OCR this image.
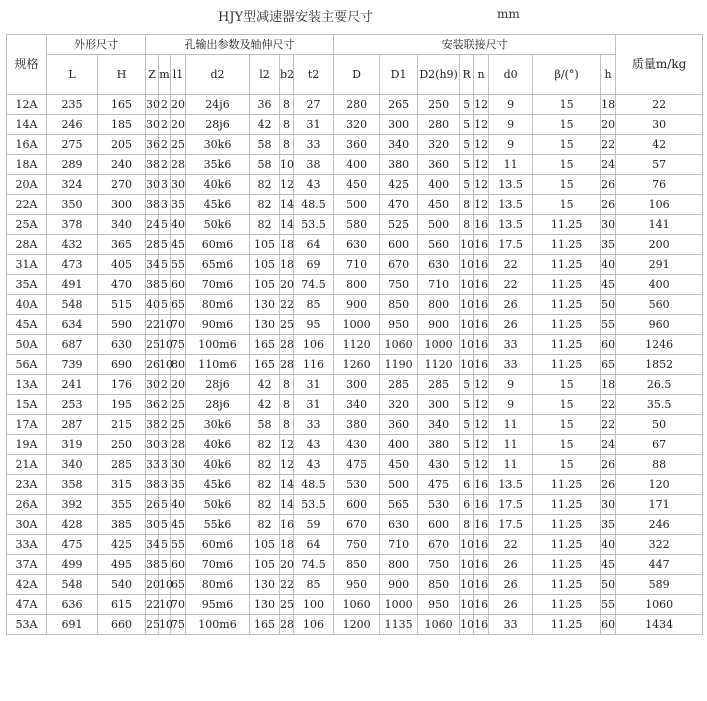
HJY型减速器安装主要尺寸	mm
规格	外形尺寸		孔输出参数及轴伸尺寸							安装联接尺寸								质量m/kg
	L	H	Z	m	l1	d2	l2	b2	t2	D	D1	D2(h9)	R	n	d0	β/(°)	h	
12A	235	165	30	2	20	24j6	36	8	27	280	265	250	5	12	9	15	18	22
14A	246	185	30	2	20	28j6	42	8	31	320	300	280	5	12	9	15	20	30
16A	275	205	36	2	25	30k6	58	8	33	360	340	320	5	12	9	15	22	42
18A	289	240	38	2	28	35k6	58	10	38	400	380	360	5	12	11	15	24	57
20A	324	270	30	3	30	40k6	82	12	43	450	425	400	5	12	13.5	15	26	76
22A	350	300	38	3	35	45k6	82	14	48.5	500	470	450	8	12	13.5	15	26	106
25A	378	340	24	5	40	50k6	82	14	53.5	580	525	500	8	16	13.5	11.25	30	141
28A	432	365	28	5	45	60m6	105	18	64	630	600	560	10	16	17.5	11.25	35	200
31A	473	405	34	5	55	65m6	105	18	69	710	670	630	10	16	22	11.25	40	291
35A	491	470	38	5	60	70m6	105	20	74.5	800	750	710	10	16	22	11.25	45	400
40A	548	515	40	5	65	80m6	130	22	85	900	850	800	10	16	26	11.25	50	560
45A	634	590	22	10	70	90m6	130	25	95	1000	950	900	10	16	26	11.25	55	960
50A	687	630	25	10	75	100m6	165	28	106	1120	1060	1000	10	16	33	11.25	60	1246
56A	739	690	26	10	80	110m6	165	28	116	1260	1190	1120	10	16	33	11.25	65	1852
13A	241	176	30	2	20	28j6	42	8	31	300	285	285	5	12	9	15	18	26.5
15A	253	195	36	2	25	28j6	42	8	31	340	320	300	5	12	9	15	22	35.5
17A	287	215	38	2	25	30k6	58	8	33	380	360	340	5	12	11	15	22	50
19A	319	250	30	3	28	40k6	82	12	43	430	400	380	5	12	11	15	24	67
21A	340	285	33	3	30	40k6	82	12	43	475	450	430	5	12	11	15	26	88
23A	358	315	38	3	35	45k6	82	14	48.5	530	500	475	6	16	13.5	11.25	26	120
26A	392	355	26	5	40	50k6	82	14	53.5	600	565	530	6	16	17.5	11.25	30	171
30A	428	385	30	5	45	55k6	82	16	59	670	630	600	8	16	17.5	11.25	35	246
33A	475	425	34	5	55	60m6	105	18	64	750	710	670	10	16	22	11.25	40	322
37A	499	495	38	5	60	70m6	105	20	74.5	850	800	750	10	16	26	11.25	45	447
42A	548	540	20	10	65	80m6	130	22	85	950	900	850	10	16	26	11.25	50	589
47A	636	615	22	10	70	95m6	130	25	100	1060	1000	950	10	16	26	11.25	55	1060
53A	691	660	25	10	75	100m6	165	28	106	1200	1135	1060	10	16	33	11.25	60	1434
